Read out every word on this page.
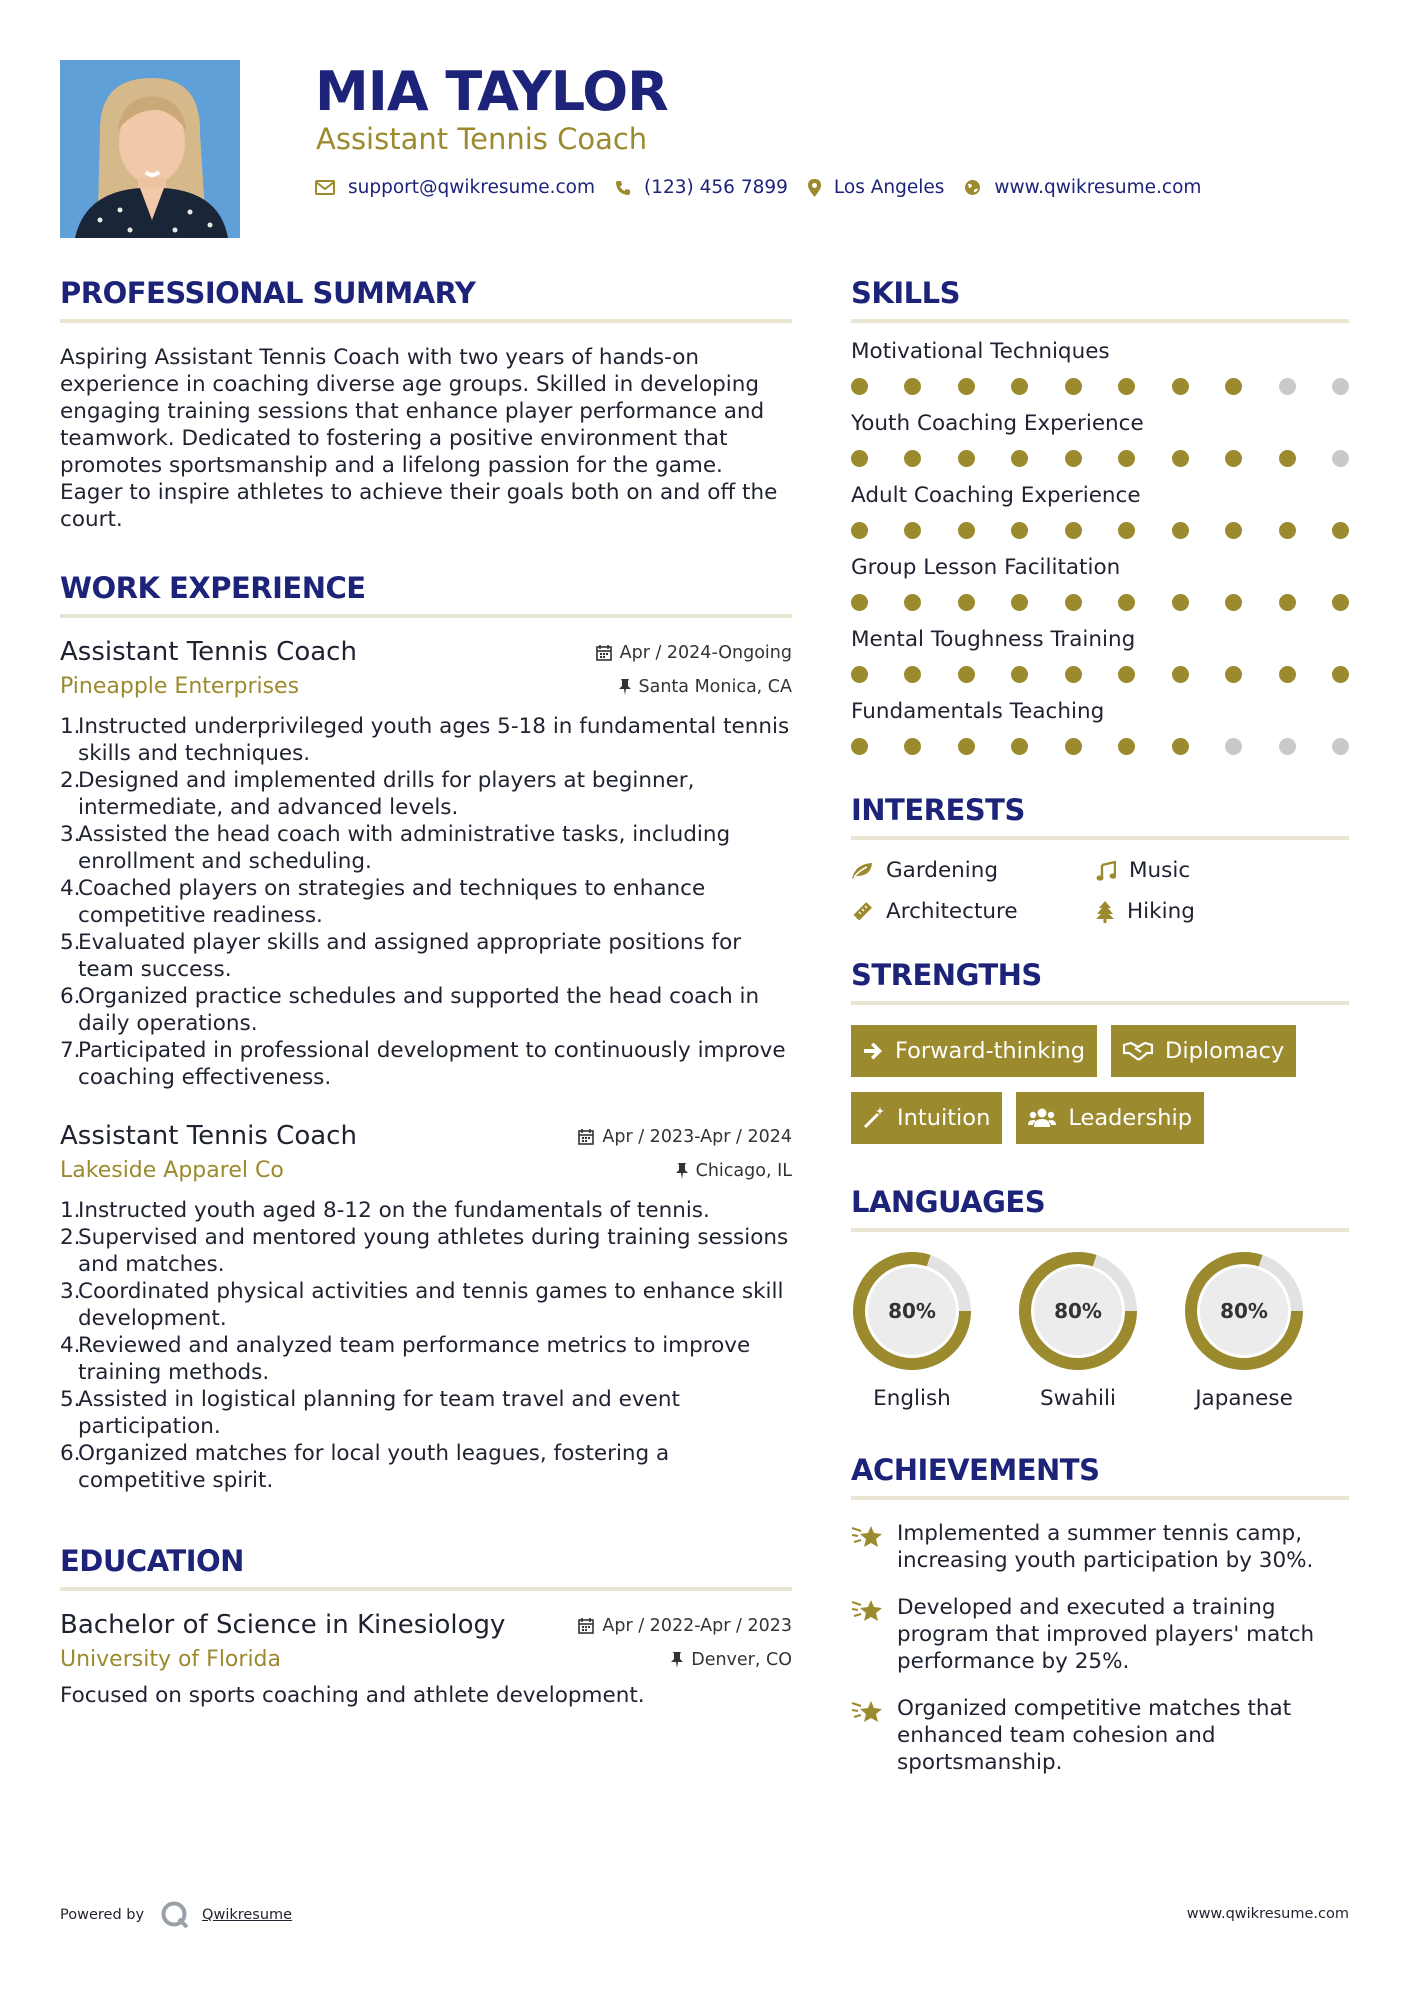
MIA TAYLOR
Assistant Tennis Coach
support@qwikresume.com	(123) 456 7899 Los Angeles	www.qwikresume.com
PROFESSIONAL SUMMARY
Aspiring Assistant Tennis Coach with two years of hands-on experience in coaching diverse age groups. Skilled in developing engaging training sessions that enhance player performance and teamwork. Dedicated to fostering a positive environment that promotes sportsmanship and a lifelong passion for the game. Eager to inspire athletes to achieve their goals both on and off the court.
WORK EXPERIENCE
Assistant Tennis Coach	Apr / 2024-Ongoing
Pineapple Enterprises	Santa Monica, CA
1.
Instructed underprivileged youth ages 5-18 in fundamental tennis skills and techniques.
2.
Designed and implemented drills for players at beginner, intermediate, and advanced levels.
3.
Assisted the head coach with administrative tasks, including enrollment and scheduling.
4.
Coached players on strategies and techniques to enhance competitive readiness.
5.
Evaluated player skills and assigned appropriate positions for team success.
6.
Organized practice schedules and supported the head coach in daily operations.
7.
Participated in professional development to continuously improve coaching effectiveness.
Assistant Tennis Coach	Apr / 2023-Apr / 2024
Lakeside Apparel Co	Chicago, IL
1.
Instructed youth aged 8-12 on the fundamentals of tennis.
2.
Supervised and mentored young athletes during training sessions and matches.
3.
Coordinated physical activities and tennis games to enhance skill development.
4.
Reviewed and analyzed team performance metrics to improve training methods.
5.
Assisted in logistical planning for team travel and event participation.
6.
Organized matches for local youth leagues, fostering a competitive spirit.
EDUCATION
Bachelor of Science in Kinesiology	Apr / 2022-Apr / 2023
University of Florida	Denver, CO
Focused on sports coaching and athlete development.
SKILLS
Motivational Techniques
Youth Coaching Experience
Adult Coaching Experience
Group Lesson Facilitation
Mental Toughness Training
Fundamentals Teaching
INTERESTS
Gardening	Music
Architecture	Hiking
STRENGTHS
Forward-thinking	Diplomacy
Intuition	Leadership
LANGUAGES
80%
English
80%
Swahili
80%
Japanese
ACHIEVEMENTS
Implemented a summer tennis camp, increasing youth participation by 30%.
Developed and executed a training program that improved players' match performance by 25%.
Organized competitive matches that enhanced team cohesion and sportsmanship.
Powered by	Qwikresume	www.qwikresume.com
